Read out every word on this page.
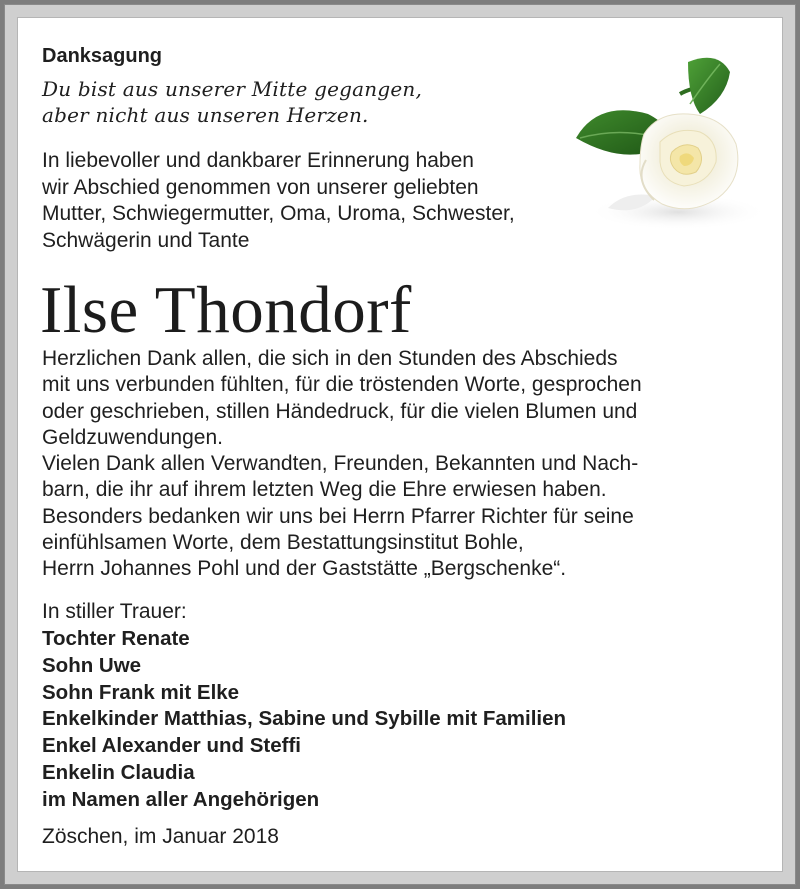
Danksagung
Du bist aus unserer Mitte gegangen,
aber nicht aus unseren Herzen.
In liebevoller und dankbarer Erinnerung haben
wir Abschied genommen von unserer geliebten
Mutter, Schwiegermutter, Oma, Uroma, Schwester,
Schwägerin und Tante
Ilse Thondorf
Herzlichen Dank allen, die sich in den Stunden des Abschieds
mit uns verbunden fühlten, für die tröstenden Worte, gesprochen
oder geschrieben, stillen Händedruck, für die vielen Blumen und
Geldzuwendungen.
Vielen Dank allen Verwandten, Freunden, Bekannten und Nach-
barn, die ihr auf ihrem letzten Weg die Ehre erwiesen haben.
Besonders bedanken wir uns bei Herrn Pfarrer Richter für seine
einfühlsamen Worte, dem Bestattungsinstitut Bohle,
Herrn Johannes Pohl und der Gaststätte „Bergschenke“.
In stiller Trauer:
Tochter Renate
Sohn Uwe
Sohn Frank mit Elke
Enkelkinder Matthias, Sabine und Sybille mit Familien
Enkel Alexander und Steffi
Enkelin Claudia
im Namen aller Angehörigen
Zöschen, im Januar 2018
